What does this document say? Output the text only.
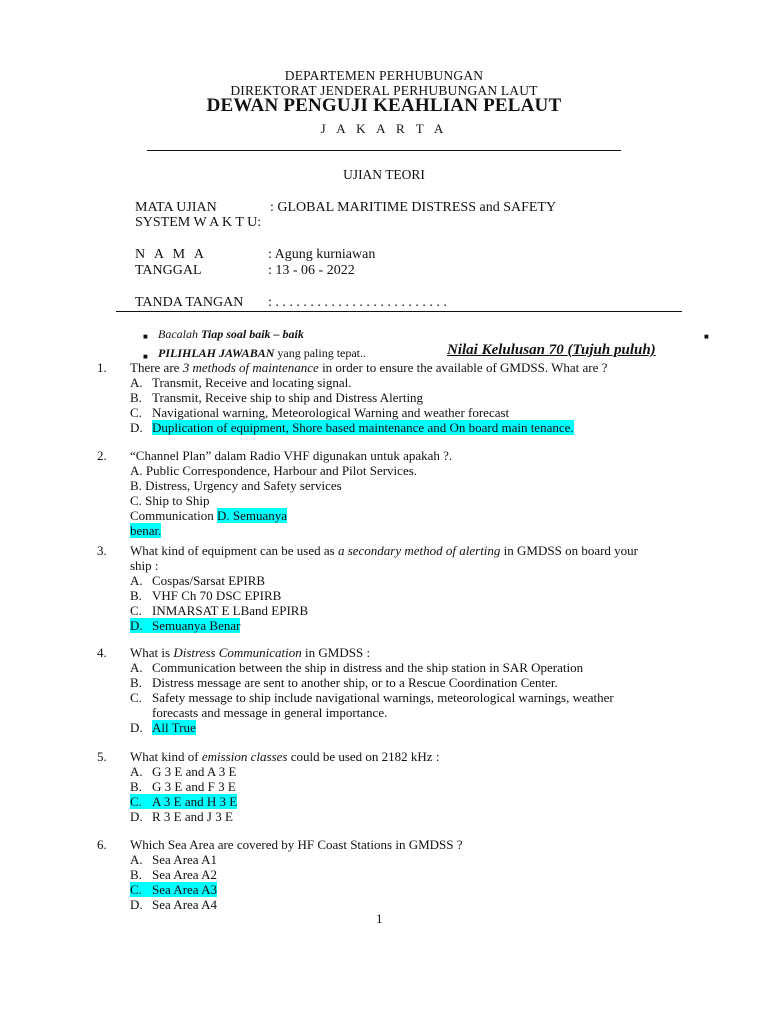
DEPARTEMEN PERHUBUNGAN
DIREKTORAT JENDERAL PERHUBUNGAN LAUT
DEWAN PENGUJI KEAHLIAN PELAUT
J A K A R T A
UJIAN TEORI
MATA UJIAN	: GLOBAL MARITIME DISTRESS and SAFETY
SYSTEM W A K T U:
N A M A	: Agung kurniawan
TANGGAL	: 13 - 06 - 2022
TANDA TANGAN : . . . . . . . . . . . . . . . . . . . . . . . . .
■ Bacalah Tiap soal baik – baik
■ PILIHLAH JAWABAN yang paling tepat..	Nilai Kelulusan 70 (Tujuh puluh)
■
1. There are 3 methods of maintenance in order to ensure the available of GMDSS. What are ?
A. Transmit, Receive and locating signal.
B. Transmit, Receive ship to ship and Distress Alerting
C. Navigational warning, Meteorological Warning and weather forecast
D. Duplication of equipment, Shore based maintenance and On board main tenance.
2. “Channel Plan” dalam Radio VHF digunakan untuk apakah ?.
A. Public Correspondence, Harbour and Pilot Services.
B. Distress, Urgency and Safety services
C. Ship to Ship
Communication D. Semuanya
benar.
3. What kind of equipment can be used as a secondary method of alerting in GMDSS on board your
ship :
A. Cospas/Sarsat EPIRB
B. VHF Ch 70 DSC EPIRB
C. INMARSAT E LBand EPIRB
D. Semuanya Benar
4. What is Distress Communication in GMDSS :
A. Communication between the ship in distress and the ship station in SAR Operation
B. Distress message are sent to another ship, or to a Rescue Coordination Center.
C. Safety message to ship include navigational warnings, meteorological warnings, weather
forecasts and message in general importance.
D. All True
5. What kind of emission classes could be used on 2182 kHz :
A. G 3 E and A 3 E
B. G 3 E and F 3 E
C. A 3 E and H 3 E
D. R 3 E and J 3 E
6. Which Sea Area are covered by HF Coast Stations in GMDSS ?
A. Sea Area A1
B. Sea Area A2
C. Sea Area A3
D. Sea Area A4
1
